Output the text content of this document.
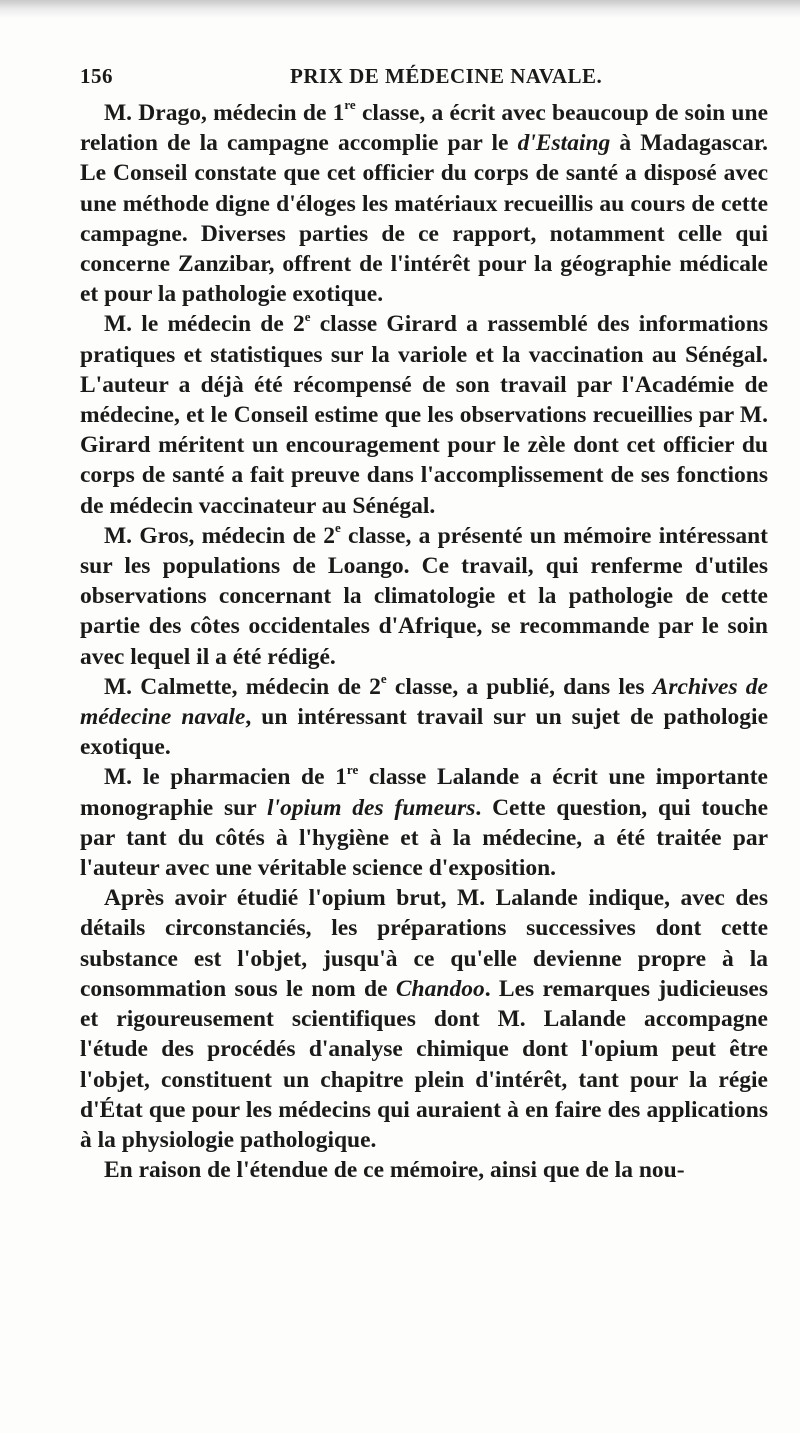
156	PRIX DE MÉDECINE NAVALE.

M. Drago, médecin de 1re classe, a écrit avec beaucoup de soin une relation de la campagne accomplie par le d'Estaing à Madagascar. Le Conseil constate que cet officier du corps de santé a disposé avec une méthode digne d'éloges les matériaux recueillis au cours de cette campagne. Diverses parties de ce rapport, notamment celle qui concerne Zanzibar, offrent de l'intérêt pour la géographie médicale et pour la pathologie exotique.

M. le médecin de 2e classe Girard a rassemblé des informations pratiques et statistiques sur la variole et la vaccination au Sénégal. L'auteur a déjà été récompensé de son travail par l'Académie de médecine, et le Conseil estime que les observations recueillies par M. Girard méritent un encouragement pour le zèle dont cet officier du corps de santé a fait preuve dans l'accomplissement de ses fonctions de médecin vaccinateur au Sénégal.

M. Gros, médecin de 2e classe, a présenté un mémoire intéressant sur les populations de Loango. Ce travail, qui renferme d'utiles observations concernant la climatologie et la pathologie de cette partie des côtes occidentales d'Afrique, se recommande par le soin avec lequel il a été rédigé.

M. Calmette, médecin de 2e classe, a publié, dans les Archives de médecine navale, un intéressant travail sur un sujet de pathologie exotique.

M. le pharmacien de 1re classe Lalande a écrit une importante monographie sur l'opium des fumeurs. Cette question, qui touche par tant du côtés à l'hygiène et à la médecine, a été traitée par l'auteur avec une véritable science d'exposition.

Après avoir étudié l'opium brut, M. Lalande indique, avec des détails circonstanciés, les préparations successives dont cette substance est l'objet, jusqu'à ce qu'elle devienne propre à la consommation sous le nom de Chandoo. Les remarques judicieuses et rigoureusement scientifiques dont M. Lalande accompagne l'étude des procédés d'analyse chimique dont l'opium peut être l'objet, constituent un chapitre plein d'intérêt, tant pour la régie d'État que pour les médecins qui auraient à en faire des applications à la physiologie pathologique.

En raison de l'étendue de ce mémoire, ainsi que de la nou-
